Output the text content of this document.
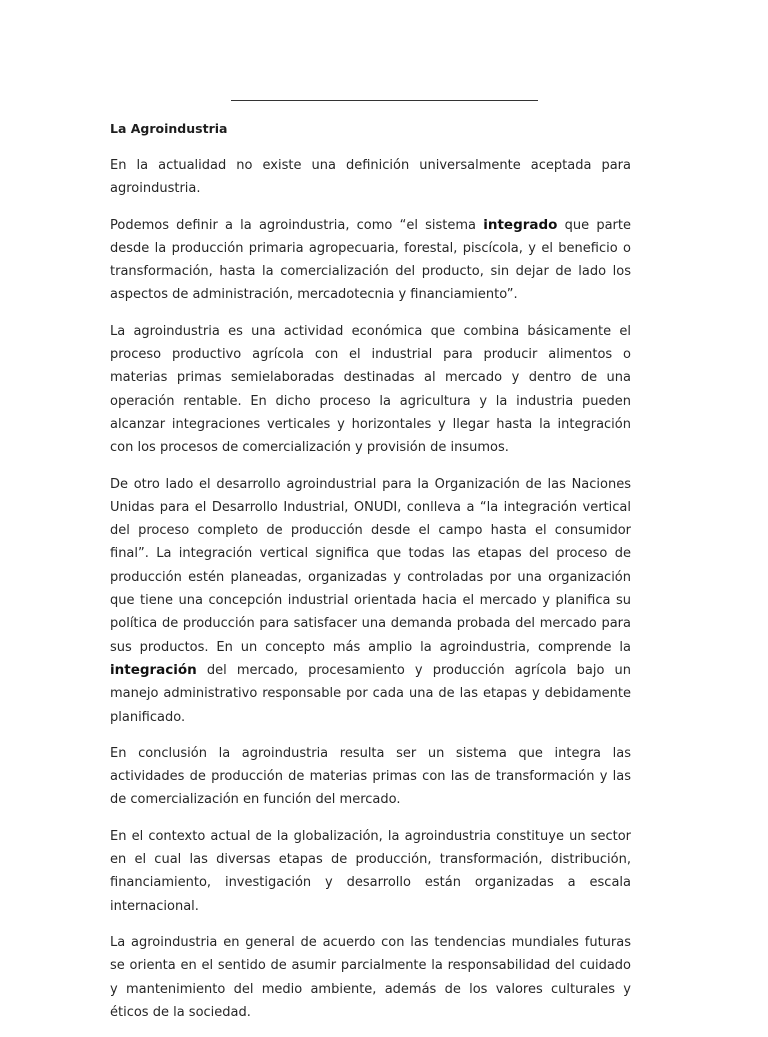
La Agroindustria

En la actualidad no existe una definición universalmente aceptada para agroindustria.

Podemos definir a la agroindustria, como “el sistema integrado que parte desde la producción primaria agropecuaria, forestal, piscícola, y el beneficio o transformación, hasta la comercialización del producto, sin dejar de lado los aspectos de administración, mercadotecnia y financiamiento”.

La agroindustria es una actividad económica que combina básicamente el proceso productivo agrícola con el industrial para producir alimentos o materias primas semielaboradas destinadas al mercado y dentro de una operación rentable. En dicho proceso la agricultura y la industria pueden alcanzar integraciones verticales y horizontales y llegar hasta la integración con los procesos de comercialización y provisión de insumos.

De otro lado el desarrollo agroindustrial para la Organización de las Naciones Unidas para el Desarrollo Industrial, ONUDI, conlleva a “la integración vertical del proceso completo de producción desde el campo hasta el consumidor final”. La integración vertical significa que todas las etapas del proceso de producción estén planeadas, organizadas y controladas por una organización que tiene una concepción industrial orientada hacia el mercado y planifica su política de producción para satisfacer una demanda probada del mercado para sus productos. En un concepto más amplio la agroindustria, comprende la integración del mercado, procesamiento y producción agrícola bajo un manejo administrativo responsable por cada una de las etapas y debidamente planificado.

En conclusión la agroindustria resulta ser un sistema que integra las actividades de producción de materias primas con las de transformación y las de comercialización en función del mercado.

En el contexto actual de la globalización, la agroindustria constituye un sector en el cual las diversas etapas de producción, transformación, distribución, financiamiento, investigación y desarrollo están organizadas a escala internacional.

La agroindustria en general de acuerdo con las tendencias mundiales futuras se orienta en el sentido de asumir parcialmente la responsabilidad del cuidado y mantenimiento del medio ambiente, además de los valores culturales y éticos de la sociedad.
